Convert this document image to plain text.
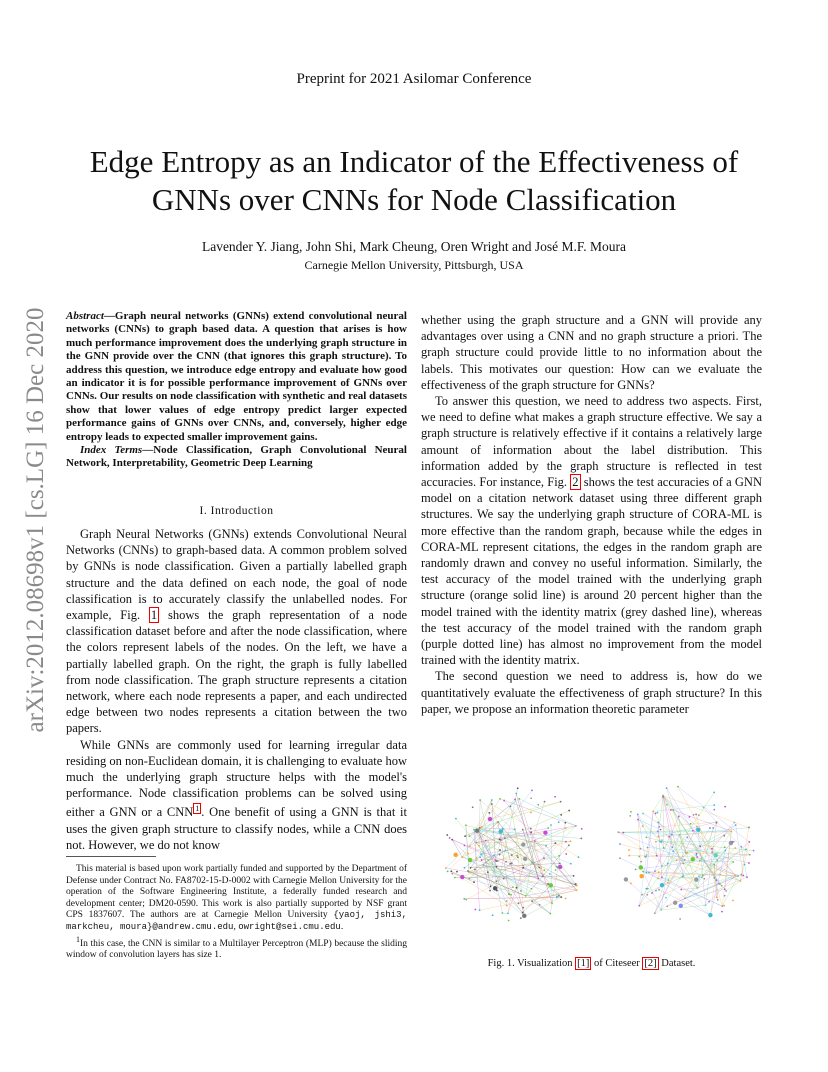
Preprint for 2021 Asilomar Conference
Edge Entropy as an Indicator of the Effectiveness of
GNNs over CNNs for Node Classification
Lavender Y. Jiang, John Shi, Mark Cheung, Oren Wright and José M.F. Moura
Carnegie Mellon University, Pittsburgh, USA
arXiv:2012.08698v1 [cs.LG] 16 Dec 2020 Abstract—Graph neural networks (GNNs) extend convolutional neural networks (CNNs) to graph based data. A question that arises is how much performance improvement does the underlying graph structure in the GNN provide over the CNN (that ignores this graph structure). To address this question, we introduce edge entropy and evaluate how good an indicator it is for possible performance improvement of GNNs over CNNs. Our results on node classification with synthetic and real datasets show that lower values of edge entropy predict larger expected performance gains of GNNs over CNNs, and, conversely, higher edge entropy leads to expected smaller improvement gains.
Index Terms—Node Classification, Graph Convolutional Neural Network, Interpretability, Geometric Deep Learning
I. Introduction

Graph Neural Networks (GNNs) extends Convolutional Neural Networks (CNNs) to graph-based data. A common problem solved by GNNs is node classification. Given a partially labelled graph structure and the data defined on each node, the goal of node classification is to accurately classify the unlabelled nodes. For example, Fig. 1 shows the graph representation of a node classification dataset before and after the node classification, where the colors represent labels of the nodes. On the left, we have a partially labelled graph. On the right, the graph is fully labelled from node classification. The graph structure represents a citation network, where each node represents a paper, and each undirected edge between two nodes represents a citation between the two papers.

While GNNs are commonly used for learning irregular data residing on non-Euclidean domain, it is challenging to evaluate how much the underlying graph structure helps with the model's performance. Node classification problems can be solved using either a GNN or a CNN $^1$ . One benefit of using a GNN is that it uses the given graph structure to classify nodes, while a CNN does not. However, we do not know

This material is based upon work partially funded and supported by the Department of Defense under Contract No. FA8702-15-D-0002 with Carnegie Mellon University for the operation of the Software Engineering Institute, a federally funded research and development center; DM20-0590. This work is also partially supported by NSF grant CPS 1837607. The authors are at Carnegie Mellon University {yaoj, jshi3, markcheu, moura}@andrew.cmu.edu, owright@sei.cmu.edu.

$^1$In this case, the CNN is similar to a Multilayer Perceptron (MLP) because the sliding window of convolution layers has size 1.

whether using the graph structure and a GNN will provide any advantages over using a CNN and no graph structure a priori. The graph structure could provide little to no information about the labels. This motivates our question: How can we evaluate the effectiveness of the graph structure for GNNs?

To answer this question, we need to address two aspects. First, we need to define what makes a graph structure effective. We say a graph structure is relatively effective if it contains a relatively large amount of information about the label distribution. This information added by the graph structure is reflected in test accuracies. For instance, Fig. 2 shows the test accuracies of a GNN model on a citation network dataset using three different graph structures. We say the underlying graph structure of CORA-ML is more effective than the random graph, because while the edges in CORA-ML represent citations, the edges in the random graph are randomly drawn and convey no useful information. Similarly, the test accuracy of the model trained with the underlying graph structure (orange solid line) is around 20 percent higher than the model trained with the identity matrix (grey dashed line), whereas the test accuracy of the model trained with the random graph (purple dotted line) has almost no improvement from the model trained with the identity matrix.

The second question we need to address is, how do we quantitatively evaluate the effectiveness of graph structure? In this paper, we propose an information theoretic parameter

Fig. 1. Visualization [1] of Citeseer [2] Dataset.
